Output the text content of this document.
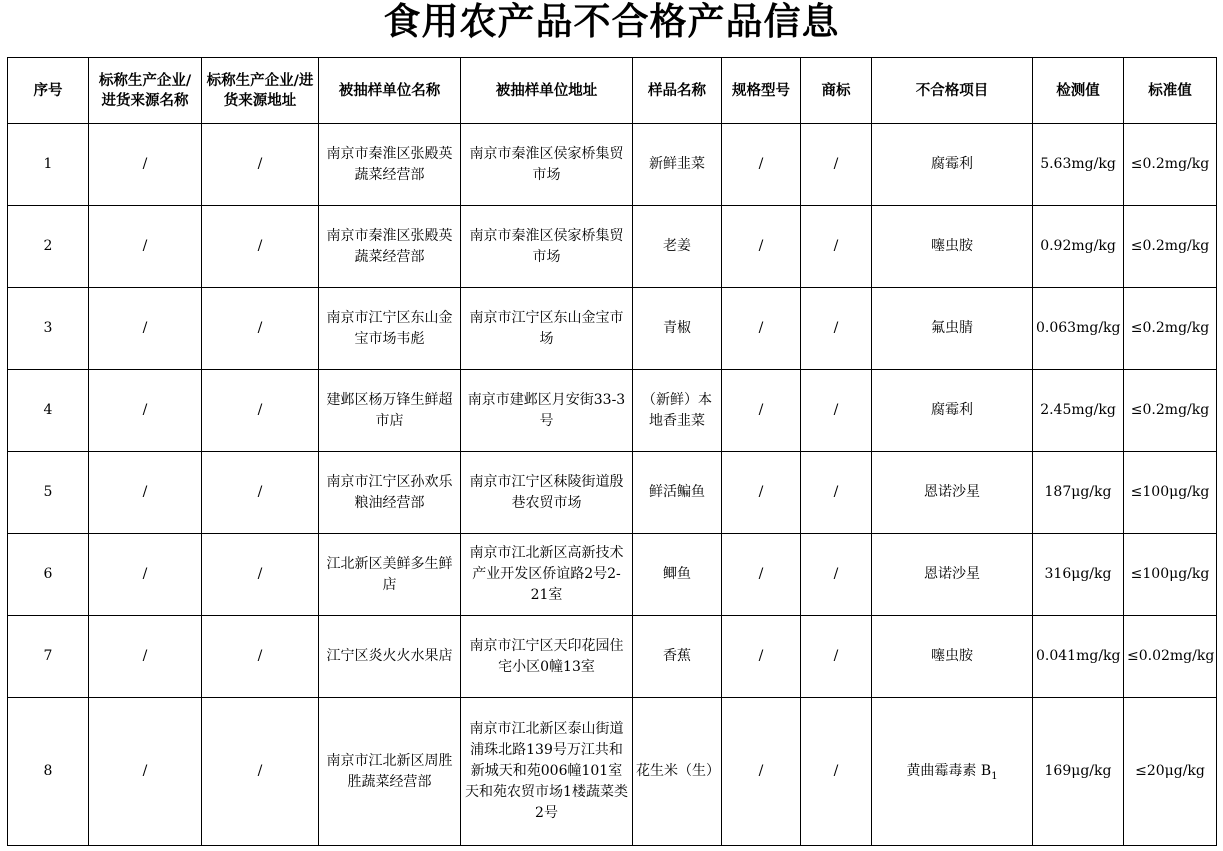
食用农产品不合格产品信息
序号	标称生产企业/进货来源名称	标称生产企业/进货来源地址	被抽样单位名称	被抽样单位地址	样品名称	规格型号	商标	不合格项目	检测值	标准值
1	/	/	南京市秦淮区张殿英蔬菜经营部	南京市秦淮区侯家桥集贸市场	新鲜韭菜	/	/	腐霉利	5.63mg/kg	≤0.2mg/kg
2	/	/	南京市秦淮区张殿英蔬菜经营部	南京市秦淮区侯家桥集贸市场	老姜	/	/	噻虫胺	0.92mg/kg	≤0.2mg/kg
3	/	/	南京市江宁区东山金宝市场韦彪	南京市江宁区东山金宝市场	青椒	/	/	氟虫腈	0.063mg/kg	≤0.2mg/kg
4	/	/	建邺区杨万锋生鲜超市店	南京市建邺区月安街33-3号	（新鲜）本地香韭菜	/	/	腐霉利	2.45mg/kg	≤0.2mg/kg
5	/	/	南京市江宁区孙欢乐粮油经营部	南京市江宁区秣陵街道殷巷农贸市场	鲜活鳊鱼	/	/	恩诺沙星	187μg/kg	≤100μg/kg
6	/	/	江北新区美鲜多生鲜店	南京市江北新区高新技术产业开发区侨谊路2号2-21室	鲫鱼	/	/	恩诺沙星	316μg/kg	≤100μg/kg
7	/	/	江宁区炎火火水果店	南京市江宁区天印花园住宅小区0幢13室	香蕉	/	/	噻虫胺	0.041mg/kg	≤0.02mg/kg
8	/	/	南京市江北新区周胜胜蔬菜经营部	南京市江北新区泰山街道浦珠北路139号万江共和新城天和苑006幢101室天和苑农贸市场1楼蔬菜类2号	花生米（生）	/	/	黄曲霉毒素 $B_1$	169μg/kg	≤20μg/kg
